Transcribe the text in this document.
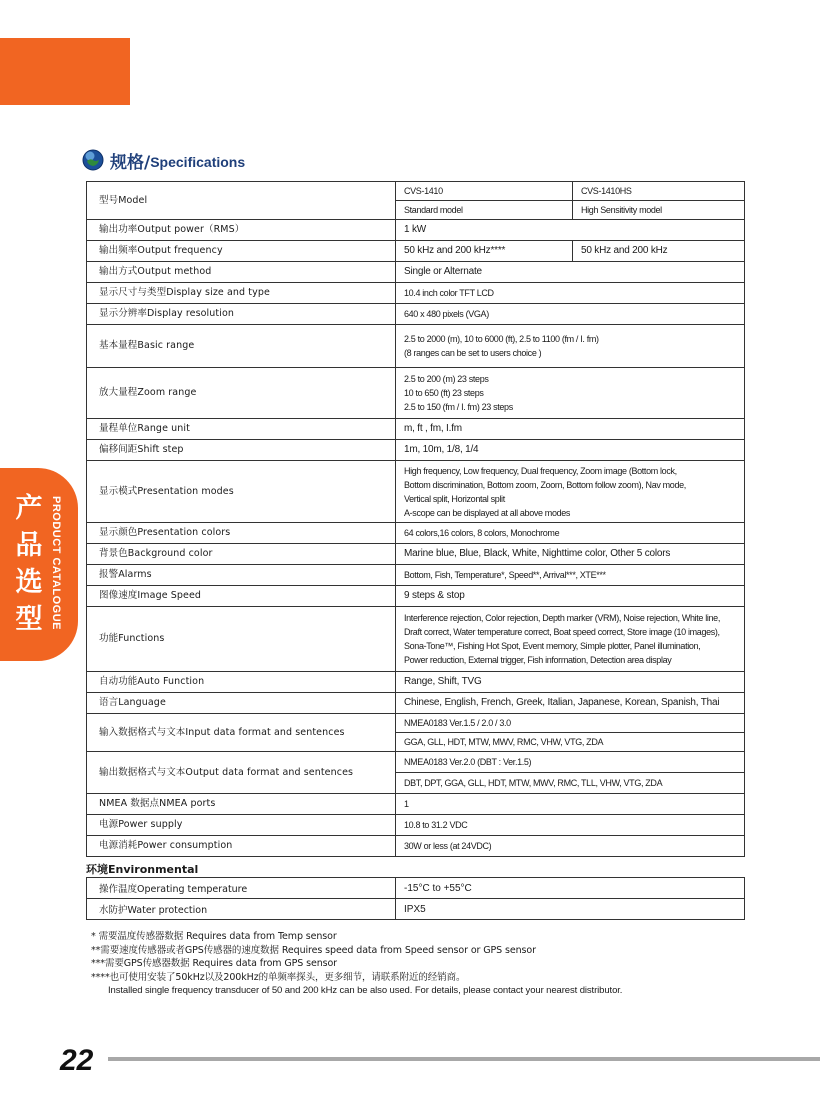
产
品
选
型 PRODUCT CATALOGUE
规格/ Specifications
型号Model	CVS-1410	CVS-1410HS
	Standard model	High Sensitivity model
输出功率Output power（RMS）	1 kW	
输出频率Output frequency	50 kHz and 200 kHz****	50 kHz and 200 kHz
输出方式Output method	Single or Alternate	
显示尺寸与类型Display size and type	10.4 inch color TFT LCD	
显示分辨率Display resolution	640 x 480 pixels (VGA)	
基本量程Basic range	2.5 to 2000 (m), 10 to 6000 (ft), 2.5 to 1100 (fm / I. fm)
(8 ranges can be set to users choice )	

放大量程Zoom range	2.5 to 200 (m) 23 steps
10 to 650 (ft) 23 steps
2.5 to 150 (fm / I. fm) 23 steps	

量程单位Range unit	m, ft , fm, I.fm	
偏移间距Shift step	1m, 10m, 1/8, 1/4	
显示模式Presentation modes	High frequency, Low frequency, Dual frequency, Zoom image (Bottom lock,
Bottom discrimination, Bottom zoom, Zoom, Bottom follow zoom), Nav mode,
Vertical split, Horizontal split
A-scope can be displayed at all above modes	

显示颜色Presentation colors	64 colors,16 colors, 8 colors, Monochrome	
背景色Background color	Marine blue, Blue, Black, White, Nighttime color, Other 5 colors	
报警Alarms	Bottom, Fish, Temperature*, Speed**, Arrival***, XTE***	
图像速度Image Speed	9 steps & stop	
功能Functions	Interference rejection, Color rejection, Depth marker (VRM), Noise rejection, White line,
Draft correct, Water temperature correct, Boat speed correct, Store image (10 images),
Sona-Tone™, Fishing Hot Spot, Event memory, Simple plotter, Panel illumination,
Power reduction, External trigger, Fish information, Detection area display	

自动功能Auto Function	Range, Shift, TVG	
语言Language	Chinese, English, French, Greek, Italian, Japanese, Korean, Spanish, Thai	
输入数据格式与文本Input data format and sentences	NMEA0183 Ver.1.5 / 2.0 / 3.0	
	GGA, GLL, HDT, MTW, MWV, RMC, VHW, VTG, ZDA	
输出数据格式与文本Output data format and sentences	NMEA0183 Ver.2.0 (DBT : Ver.1.5)	
	DBT, DPT, GGA, GLL, HDT, MTW, MWV, RMC, TLL, VHW, VTG, ZDA	
NMEA 数据点NMEA ports	1	
电源Power supply	10.8 to 31.2 VDC	
电源消耗Power consumption	30W or less (at 24VDC)	
环境Environmental
操作温度Operating temperature	-15°C to +55°C
水防护Water protection	IPX5
* 需要温度传感器数据 Requires data from Temp sensor
**需要速度传感器或者GPS传感器的速度数据 Requires speed data from Speed sensor or GPS sensor
***需要GPS传感器数据 Requires data from GPS sensor
****也可使用安装了50kHz以及200kHz的单频率探头，更多细节，请联系附近的经销商。
Installed single frequency transducer of 50 and 200 kHz can be also used. For details, please contact your nearest distributor.
22
